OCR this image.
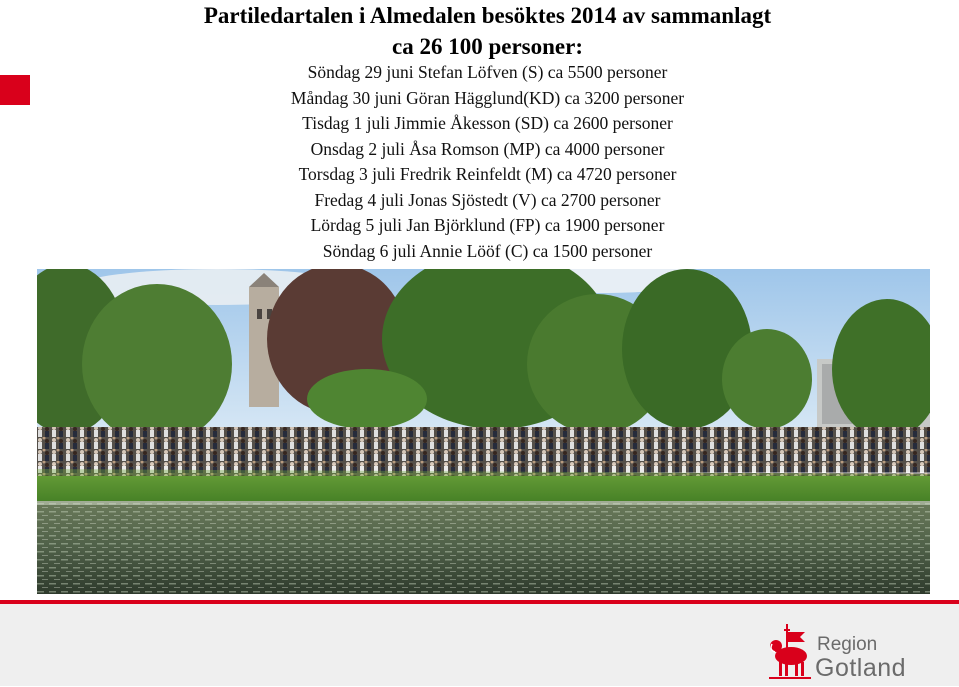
Partiledartalen i Almedalen besöktes 2014 av sammanlagt
ca 26 100 personer:
Söndag 29 juni Stefan Löfven (S) ca 5500 personer
Måndag 30 juni Göran Hägglund(KD) ca 3200 personer
Tisdag 1 juli Jimmie Åkesson (SD) ca 2600 personer
Onsdag 2 juli Åsa Romson (MP) ca 4000 personer
Torsdag 3 juli Fredrik Reinfeldt (M) ca 4720 personer
Fredag 4 juli Jonas Sjöstedt (V) ca 2700 personer
Lördag 5 juli Jan Björklund (FP) ca 1900 personer
Söndag 6 juli Annie Lööf (C) ca 1500 personer
Region
Gotland
